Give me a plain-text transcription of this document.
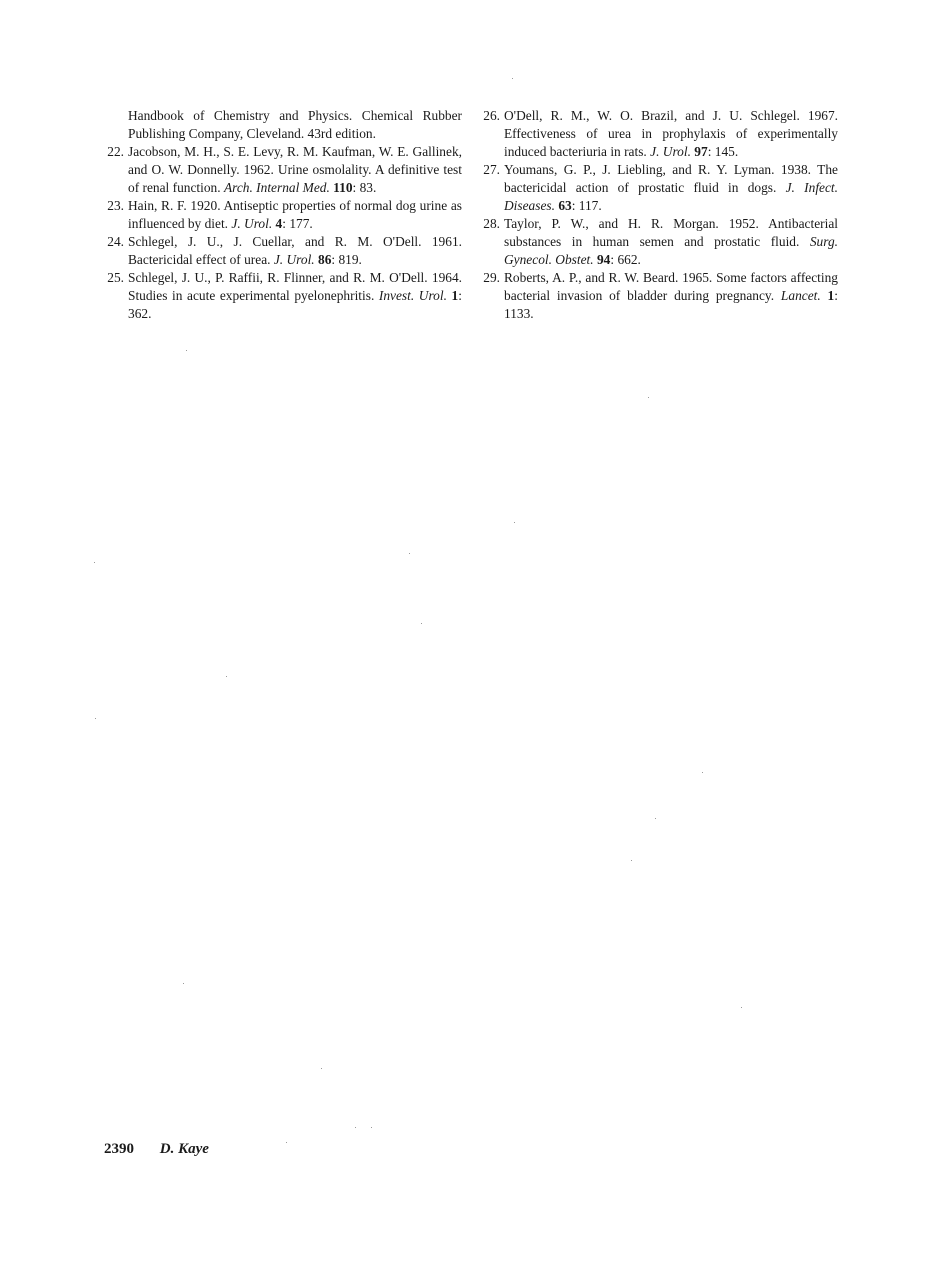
Handbook of Chemistry and Physics. Chemical Rubber Publishing Company, Cleveland. 43rd edition.
22. Jacobson, M. H., S. E. Levy, R. M. Kaufman, W. E. Gallinek, and O. W. Donnelly. 1962. Urine osmolality. A definitive test of renal function. Arch. Internal Med. 110: 83.
23. Hain, R. F. 1920. Antiseptic properties of normal dog urine as influenced by diet. J. Urol. 4: 177.
24. Schlegel, J. U., J. Cuellar, and R. M. O'Dell. 1961. Bactericidal effect of urea. J. Urol. 86: 819.
25. Schlegel, J. U., P. Raffii, R. Flinner, and R. M. O'Dell. 1964. Studies in acute experimental pyelonephritis. Invest. Urol. 1: 362.
26. O'Dell, R. M., W. O. Brazil, and J. U. Schlegel. 1967. Effectiveness of urea in prophylaxis of experimentally induced bacteriuria in rats. J. Urol. 97: 145.
27. Youmans, G. P., J. Liebling, and R. Y. Lyman. 1938. The bactericidal action of prostatic fluid in dogs. J. Infect. Diseases. 63: 117.
28. Taylor, P. W., and H. R. Morgan. 1952. Antibacterial substances in human semen and prostatic fluid. Surg. Gynecol. Obstet. 94: 662.
29. Roberts, A. P., and R. W. Beard. 1965. Some factors affecting bacterial invasion of bladder during pregnancy. Lancet. 1: 1133.
2390 D. Kaye
